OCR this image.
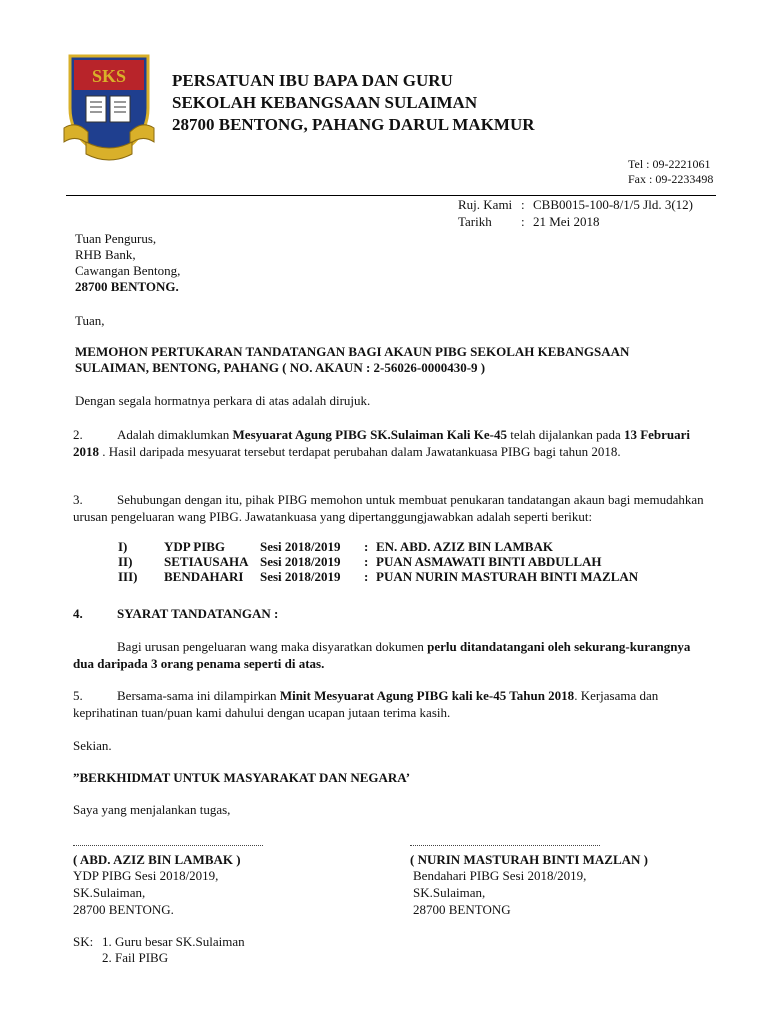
SKS	PERSATUAN IBU BAPA DAN GURU
SEKOLAH KEBANGSAAN SULAIMAN
28700 BENTONG, PAHANG DARUL MAKMUR
Tel : 09-2221061
Fax : 09-2233498
Ruj. Kami : CBB0015-100-8/1/5 Jld. 3(12)
Tarikh : 21 Mei 2018
Tuan Pengurus,
RHB Bank,
Cawangan Bentong,
28700 BENTONG.
Tuan,
MEMOHON PERTUKARAN TANDATANGAN BAGI AKAUN PIBG SEKOLAH KEBANGSAAN
SULAIMAN, BENTONG, PAHANG ( NO. AKAUN : 2-56026-0000430-9 )
Dengan segala hormatnya perkara di atas adalah dirujuk.
2.	Adalah dimaklumkan Mesyuarat Agung PIBG SK.Sulaiman Kali Ke-45 telah dijalankan pada 13 Februari 2018 . Hasil daripada mesyuarat tersebut terdapat perubahan dalam Jawatankuasa PIBG bagi tahun 2018.
3.	Sehubungan dengan itu, pihak PIBG memohon untuk membuat penukaran tandatangan akaun bagi memudahkan urusan pengeluaran wang PIBG. Jawatankuasa yang dipertanggungjawabkan adalah seperti berikut:
I)	YDP PIBG	Sesi 2018/2019	:	EN. ABD. AZIZ BIN LAMBAK
II)	SETIAUSAHA	Sesi 2018/2019	:	PUAN ASMAWATI BINTI ABDULLAH
III)	BENDAHARI	Sesi 2018/2019	:	PUAN NURIN MASTURAH BINTI MAZLAN
4.	SYARAT TANDATANGAN :
Bagi urusan pengeluaran wang maka disyaratkan dokumen perlu ditandatangani oleh sekurang-kurangnya dua daripada 3 orang penama seperti di atas.
5.	Bersama-sama ini dilampirkan Minit Mesyuarat Agung PIBG kali ke-45 Tahun 2018. Kerjasama dan keprihatinan tuan/puan kami dahului dengan ucapan jutaan terima kasih.
Sekian.
”BERKHIDMAT UNTUK MASYARAKAT DAN NEGARA’
Saya yang menjalankan tugas,
( ABD. AZIZ BIN LAMBAK )
YDP PIBG Sesi 2018/2019,
SK.Sulaiman,
28700 BENTONG.
( NURIN MASTURAH BINTI MAZLAN )
Bendahari PIBG Sesi 2018/2019,
SK.Sulaiman,
28700 BENTONG
SK: 1. Guru besar SK.Sulaiman
2. Fail PIBG
